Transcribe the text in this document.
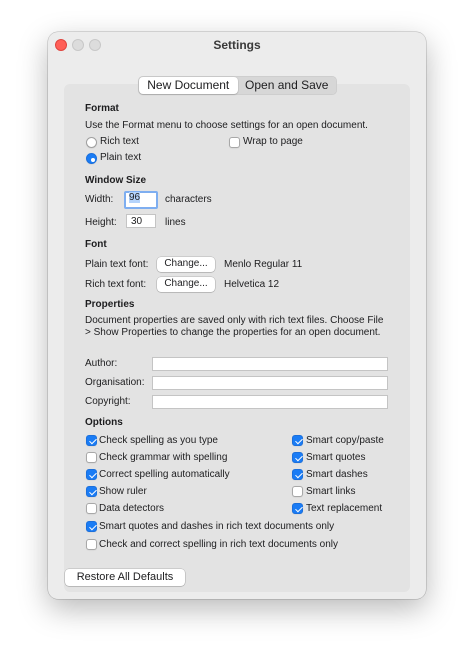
Settings
New Document	Open and Save
Format
Use the Format menu to choose settings for an open document.
Rich text
Plain text
Wrap to page
Window Size
Width:	96	characters
Height:	30	lines
Font
Plain text font:	Change...	Menlo Regular 11
Rich text font:	Change...	Helvetica 12
Properties
Document properties are saved only with rich text files. Choose File > Show Properties to change the properties for an open document.
Author:
Organisation:
Copyright:
Options
Check spelling as you type
Check grammar with spelling
Correct spelling automatically
Show ruler
Data detectors
Smart copy/paste
Smart quotes
Smart dashes
Smart links
Text replacement
Smart quotes and dashes in rich text documents only
Check and correct spelling in rich text documents only
Restore All Defaults
